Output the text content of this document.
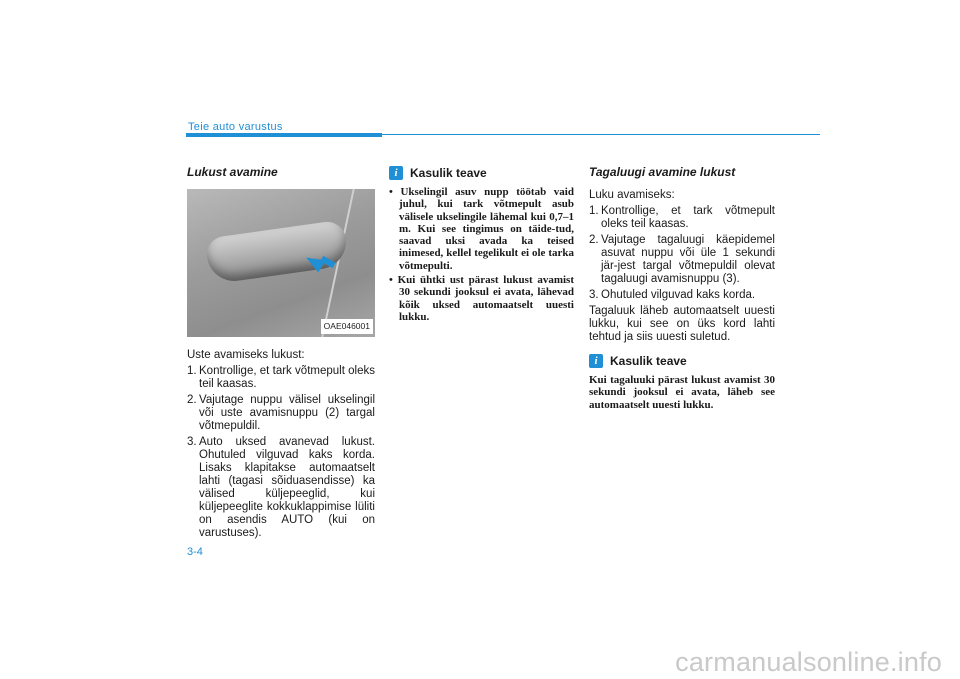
Teie auto varustus
Lukust avamine
OAE046001
Uste avamiseks lukust:
1. Kontrollige, et tark võtmepult oleks teil kaasas.
2. Vajutage nuppu välisel ukselingil või uste avamisnuppu (2) targal võtmepuldil.
3. Auto uksed avanevad lukust. Ohutuled vilguvad kaks korda. Lisaks klapitakse automaatselt lahti (tagasi sõiduasendisse) ka välised küljepeeglid, kui küljepeeglite kokkuklappimise lüliti on asendis AUTO (kui on varustuses).
i	Kasulik teave
• Ukselingil asuv nupp töötab vaid juhul, kui tark võtmepult asub välisele ukselingile lähemal kui 0,7–1 m. Kui see tingimus on täide-tud, saavad uksi avada ka teised inimesed, kellel tegelikult ei ole tarka võtmepulti.
• Kui ühtki ust pärast lukust avamist 30 sekundi jooksul ei avata, lähevad kõik uksed automaatselt uuesti lukku.
Tagaluugi avamine lukust
Luku avamiseks:
1. Kontrollige, et tark võtmepult oleks teil kaasas.
2. Vajutage tagaluugi käepidemel asuvat nuppu või üle 1 sekundi jär-jest targal võtmepuldil olevat tagaluugi avamisnuppu (3).
3. Ohutuled vilguvad kaks korda.
Tagaluuk läheb automaatselt uuesti lukku, kui see on üks kord lahti tehtud ja siis uuesti suletud.
i	Kasulik teave
Kui tagaluuki pärast lukust avamist 30 sekundi jooksul ei avata, läheb see automaatselt uuesti lukku.
3-4
carmanualsonline.info
